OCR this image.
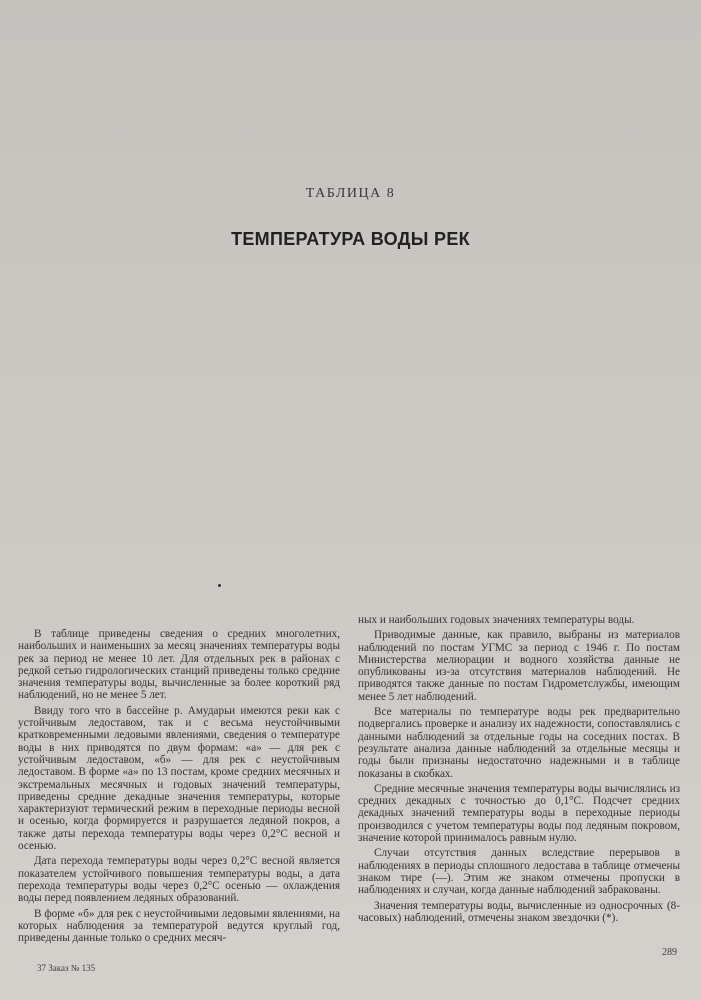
ТАБЛИЦА 8
ТЕМПЕРАТУРА ВОДЫ РЕК

В таблице приведены сведения о средних многолетних, наибольших и наименьших за месяц значениях температуры воды рек за период не менее 10 лет. Для отдельных рек в районах с редкой сетью гидрологических станций приведены только средние значения температуры воды, вычисленные за более короткий ряд наблюдений, но не менее 5 лет.

Ввиду того что в бассейне р. Амударьи имеются реки как с устойчивым ледоставом, так и с весьма неустойчивыми кратковременными ледовыми явлениями, сведения о температуре воды в них приводятся по двум формам: «а» — для рек с устойчивым ледоставом, «б» — для рек с неустойчивым ледоставом. В форме «а» по 13 постам, кроме средних месячных и экстремальных месячных и годовых значений температуры, приведены средние декадные значения температуры, которые характеризуют термический режим в переходные периоды весной и осенью, когда формируется и разрушается ледяной покров, а также даты перехода температуры воды через 0,2°С весной и осенью.

Дата перехода температуры воды через 0,2°С весной является показателем устойчивого повышения температуры воды, а дата перехода температуры воды через 0,2°С осенью — охлаждения воды перед появлением ледяных образований.

В форме «б» для рек с неустойчивыми ледовыми явлениями, на которых наблюдения за температурой ведутся круглый год, приведены данные только о средних месяч-

ных и наибольших годовых значениях температуры воды.

Приводимые данные, как правило, выбраны из материалов наблюдений по постам УГМС за период с 1946 г. По постам Министерства мелиорации и водного хозяйства данные не опубликованы из-за отсутствия материалов наблюдений. Не приводятся также данные по постам Гидрометслужбы, имеющим менее 5 лет наблюдений.

Все материалы по температуре воды рек предварительно подвергались проверке и анализу их надежности, сопоставлялись с данными наблюдений за отдельные годы на соседних постах. В результате анализа данные наблюдений за отдельные месяцы и годы были признаны недостаточно надежными и в таблице показаны в скобках.

Средние месячные значения температуры воды вычислялись из средних декадных с точностью до 0,1°С. Подсчет средних декадных значений температуры воды в переходные периоды производился с учетом температуры воды под ледяным покровом, значение которой принималось равным нулю.

Случаи отсутствия данных вследствие перерывов в наблюдениях в периоды сплошного ледостава в таблице отмечены знаком тире (—). Этим же знаком отмечены пропуски в наблюдениях и случаи, когда данные наблюдений забракованы.

Значения температуры воды, вычисленные из односрочных (8-часовых) наблюдений, отмечены знаком звездочки (*).

37 Заказ № 135
289
